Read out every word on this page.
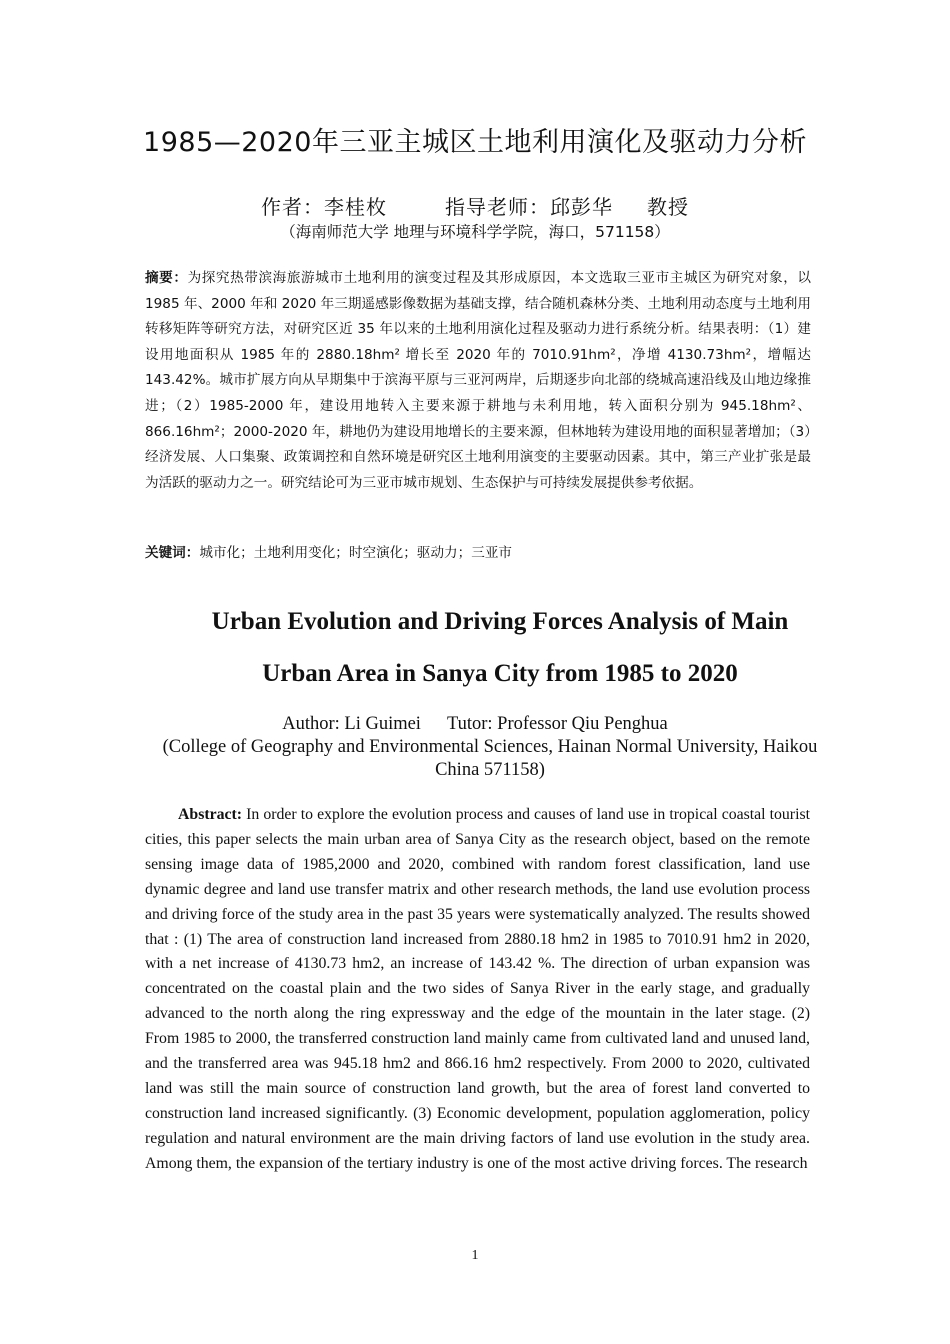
1985—2020年三亚主城区土地利用演化及驱动力分析
作者：李桂枚	指导老师：邱彭华 教授
（海南师范大学 地理与环境科学学院，海口，571158）
摘要：为探究热带滨海旅游城市土地利用的演变过程及其形成原因，本文选取三亚市主城区为研究对象，以 1985 年、2000 年和 2020 年三期遥感影像数据为基础支撑，结合随机森林分类、土地利用动态度与土地利用转移矩阵等研究方法，对研究区近 35 年以来的土地利用演化过程及驱动力进行系统分析。结果表明：（1）建设用地面积从 1985 年的 2880.18hm² 增长至 2020 年的 7010.91hm²，净增 4130.73hm²，增幅达 143.42%。城市扩展方向从早期集中于滨海平原与三亚河两岸，后期逐步向北部的绕城高速沿线及山地边缘推进；（2）1985-2000 年，建设用地转入主要来源于耕地与未利用地，转入面积分别为 945.18hm²、866.16hm²；2000-2020 年，耕地仍为建设用地增长的主要来源，但林地转为建设用地的面积显著增加；（3）经济发展、人口集聚、政策调控和自然环境是研究区土地利用演变的主要驱动因素。其中，第三产业扩张是最为活跃的驱动力之一。研究结论可为三亚市城市规划、生态保护与可持续发展提供参考依据。
关键词：城市化；土地利用变化；时空演化；驱动力；三亚市
Urban Evolution and Driving Forces Analysis of Main
Urban Area in Sanya City from 1985 to 2020
Author: Li Guimei Tutor: Professor Qiu Penghua
(College of Geography and Environmental Sciences, Hainan Normal University, Haikou China 571158)
Abstract: In order to explore the evolution process and causes of land use in tropical coastal tourist cities, this paper selects the main urban area of Sanya City as the research object, based on the remote sensing image data of 1985,2000 and 2020, combined with random forest classification, land use dynamic degree and land use transfer matrix and other research methods, the land use evolution process and driving force of the study area in the past 35 years were systematically analyzed. The results showed that : (1) The area of construction land increased from 2880.18 hm2 in 1985 to 7010.91 hm2 in 2020, with a net increase of 4130.73 hm2, an increase of 143.42 %. The direction of urban expansion was concentrated on the coastal plain and the two sides of Sanya River in the early stage, and gradually advanced to the north along the ring expressway and the edge of the mountain in the later stage. (2) From 1985 to 2000, the transferred construction land mainly came from cultivated land and unused land, and the transferred area was 945.18 hm2 and 866.16 hm2 respectively. From 2000 to 2020, cultivated land was still the main source of construction land growth, but the area of forest land converted to construction land increased significantly. (3) Economic development, population agglomeration, policy regulation and natural environment are the main driving factors of land use evolution in the study area. Among them, the expansion of the tertiary industry is one of the most active driving forces. The research
1
